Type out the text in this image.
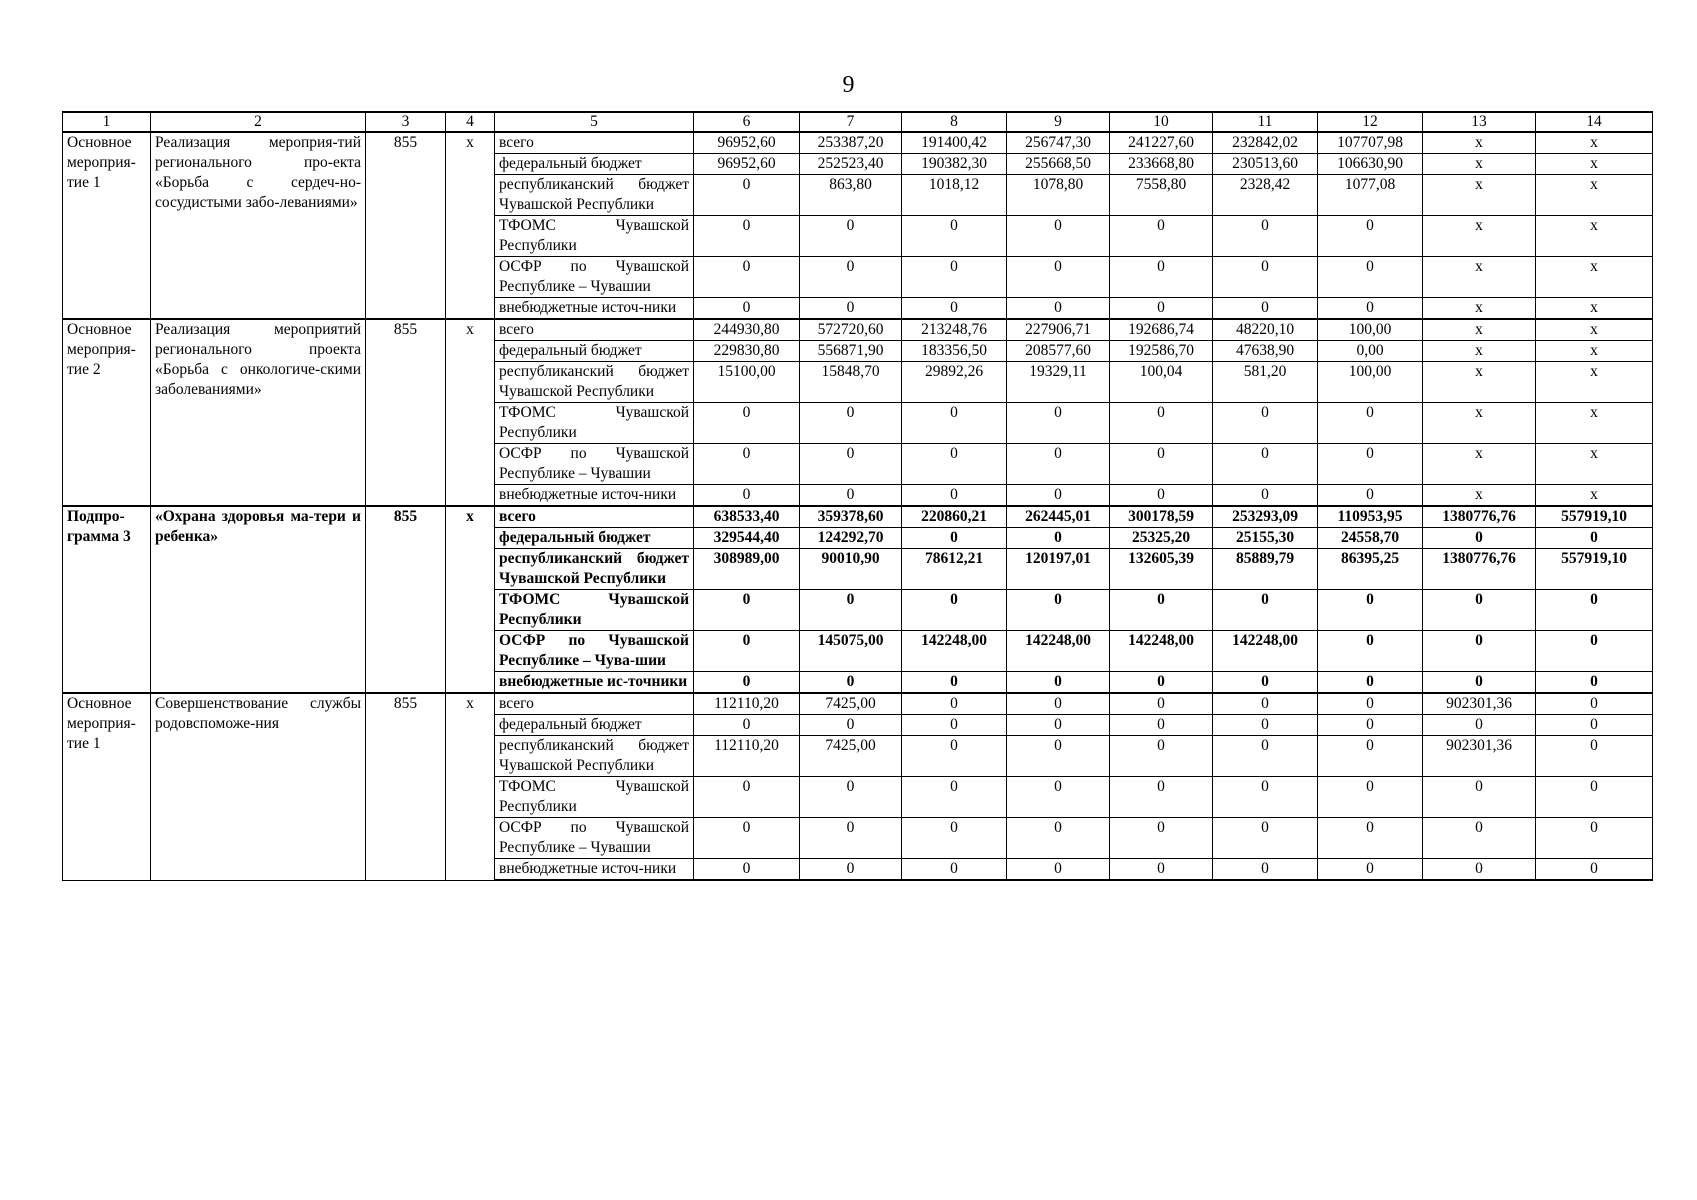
9
1	2	3	4	5	6	7	8	9	10	11	12	13	14
Основное мероприя-тие 1	Реализация мероприя-тий регионального про-екта «Борьба с сердеч-но-сосудистыми забо-леваниями»	855	x	всего	96952,60	253387,20	191400,42	256747,30	241227,60	232842,02	107707,98	x	x
				федеральный бюджет	96952,60	252523,40	190382,30	255668,50	233668,80	230513,60	106630,90	x	x
				республиканский бюджет Чувашской Республики	0	863,80	1018,12	1078,80	7558,80	2328,42	1077,08	x	x
				ТФОМС Чувашской Республики	0	0	0	0	0	0	0	x	x
				ОСФР по Чувашской Республике – Чувашии	0	0	0	0	0	0	0	x	x
				внебюджетные источ-ники	0	0	0	0	0	0	0	x	x
Основное мероприя-тие 2	Реализация мероприятий регионального проекта «Борьба с онкологиче-скими заболеваниями»	855	x	всего	244930,80	572720,60	213248,76	227906,71	192686,74	48220,10	100,00	x	x
				федеральный бюджет	229830,80	556871,90	183356,50	208577,60	192586,70	47638,90	0,00	x	x
				республиканский бюджет Чувашской Республики	15100,00	15848,70	29892,26	19329,11	100,04	581,20	100,00	x	x
				ТФОМС Чувашской Республики	0	0	0	0	0	0	0	x	x
				ОСФР по Чувашской Республике – Чувашии	0	0	0	0	0	0	0	x	x
				внебюджетные источ-ники	0	0	0	0	0	0	0	x	x
Подпро-грамма 3	«Охрана здоровья ма-тери и ребенка»	855	x	всего	638533,40	359378,60	220860,21	262445,01	300178,59	253293,09	110953,95	1380776,76	557919,10
				федеральный бюджет	329544,40	124292,70	0	0	25325,20	25155,30	24558,70	0	0
				республиканский бюджет Чувашской Республики	308989,00	90010,90	78612,21	120197,01	132605,39	85889,79	86395,25	1380776,76	557919,10
				ТФОМС Чувашской Республики	0	0	0	0	0	0	0	0	0
				ОСФР по Чувашской Республике – Чува-шии	0	145075,00	142248,00	142248,00	142248,00	142248,00	0	0	0
				внебюджетные ис-точники	0	0	0	0	0	0	0	0	0
Основное мероприя-тие 1	Совершенствование службы родовспоможе-ния	855	x	всего	112110,20	7425,00	0	0	0	0	0	902301,36	0
				федеральный бюджет	0	0	0	0	0	0	0	0	0
				республиканский бюджет Чувашской Республики	112110,20	7425,00	0	0	0	0	0	902301,36	0
				ТФОМС Чувашской Республики	0	0	0	0	0	0	0	0	0
				ОСФР по Чувашской Республике – Чувашии	0	0	0	0	0	0	0	0	0
				внебюджетные источ-ники	0	0	0	0	0	0	0	0	0
